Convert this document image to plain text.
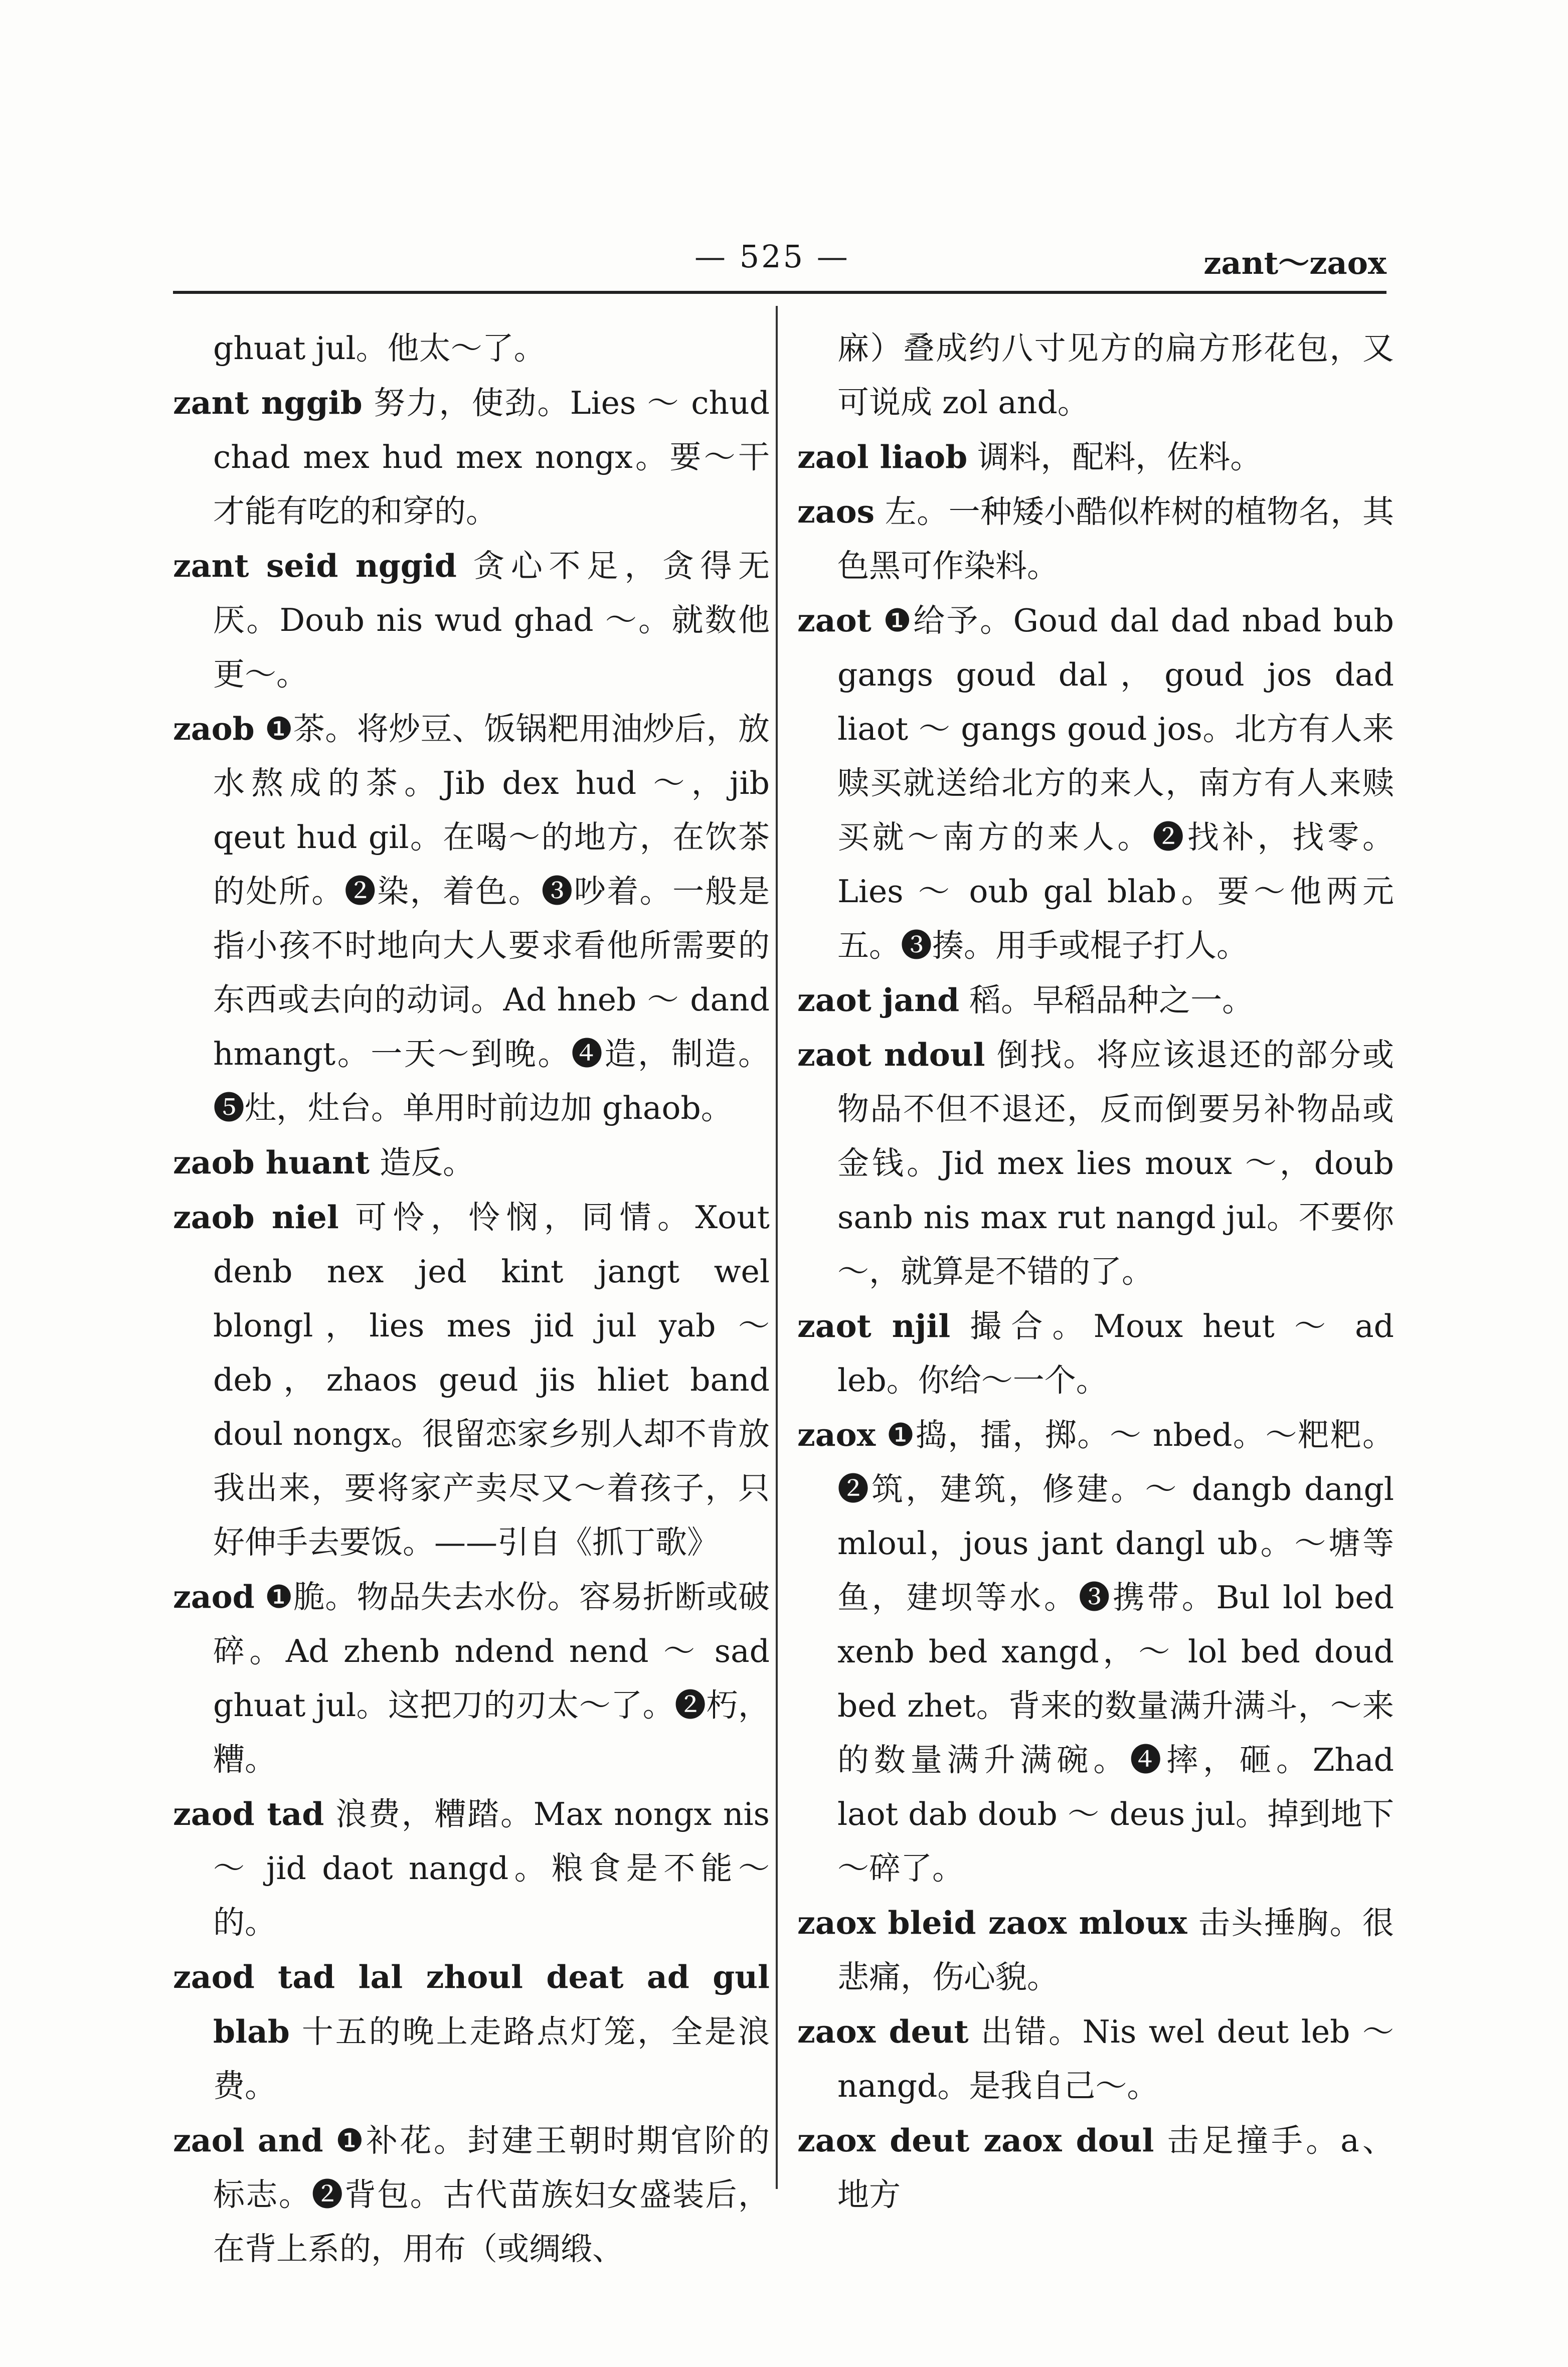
— 525 —	zant～zaox

ghuat jul。他太～了。

zant nggib 努力，使劲。Lies ～ chud chad mex hud mex nongx。要～干才能有吃的和穿的。

zant seid nggid 贪心不足，贪得无厌。Doub nis wud ghad ～。就数他更～。

zaob ❶茶。将炒豆、饭锅粑用油炒后，放水熬成的茶。Jib dex hud ～，jib qeut hud gil。在喝～的地方，在饮茶的处所。❷染，着色。❸吵着。一般是指小孩不时地向大人要求看他所需要的东西或去向的动词。Ad hneb ～ dand hmangt。一天～到晚。❹造，制造。❺灶，灶台。单用时前边加 ghaob。

zaob huant 造反。

zaob niel 可怜，怜悯，同情。Xout denb nex jed kint jangt wel blongl，lies mes jid jul yab ～ deb，zhaos geud jis hliet band doul nongx。很留恋家乡别人却不肯放我出来，要将家产卖尽又～着孩子，只好伸手去要饭。——引自《抓丁歌》

zaod ❶脆。物品失去水份。容易折断或破碎。Ad zhenb ndend nend ～ sad ghuat jul。这把刀的刃太～了。❷朽，糟。

zaod tad 浪费，糟踏。Max nongx nis ～ jid daot nangd。粮食是不能～的。

zaod tad lal zhoul deat ad gul blab 十五的晚上走路点灯笼，全是浪费。

zaol and ❶补花。封建王朝时期官阶的标志。❷背包。古代苗族妇女盛装后，在背上系的，用布（或绸缎、

麻）叠成约八寸见方的扁方形花包，又可说成 zol and。

zaol liaob 调料，配料，佐料。

zaos 左。一种矮小酷似柞树的植物名，其色黑可作染料。

zaot ❶给予。Goud dal dad nbad bub gangs goud dal，goud jos dad liaot ～ gangs goud jos。北方有人来赎买就送给北方的来人，南方有人来赎买就～南方的来人。❷找补，找零。Lies ～ oub gal blab。要～他两元五。❸揍。用手或棍子打人。

zaot jand 稻。早稻品种之一。

zaot ndoul 倒找。将应该退还的部分或物品不但不退还，反而倒要另补物品或金钱。Jid mex lies moux ～，doub sanb nis max rut nangd jul。不要你～，就算是不错的了。

zaot njil 撮合。Moux heut ～ ad leb。你给～一个。

zaox ❶捣，擂，掷。～ nbed。～粑粑。❷筑，建筑，修建。～ dangb dangl mloul，jous jant dangl ub。～塘等鱼，建坝等水。❸携带。Bul lol bed xenb bed xangd，～ lol bed doud bed zhet。背来的数量满升满斗，～来的数量满升满碗。❹摔，砸。Zhad laot dab doub ～ deus jul。掉到地下～碎了。

zaox bleid zaox mloux 击头捶胸。很悲痛，伤心貌。

zaox deut 出错。Nis wel deut leb ～ nangd。是我自己～。

zaox deut zaox doul 击足撞手。a、地方
